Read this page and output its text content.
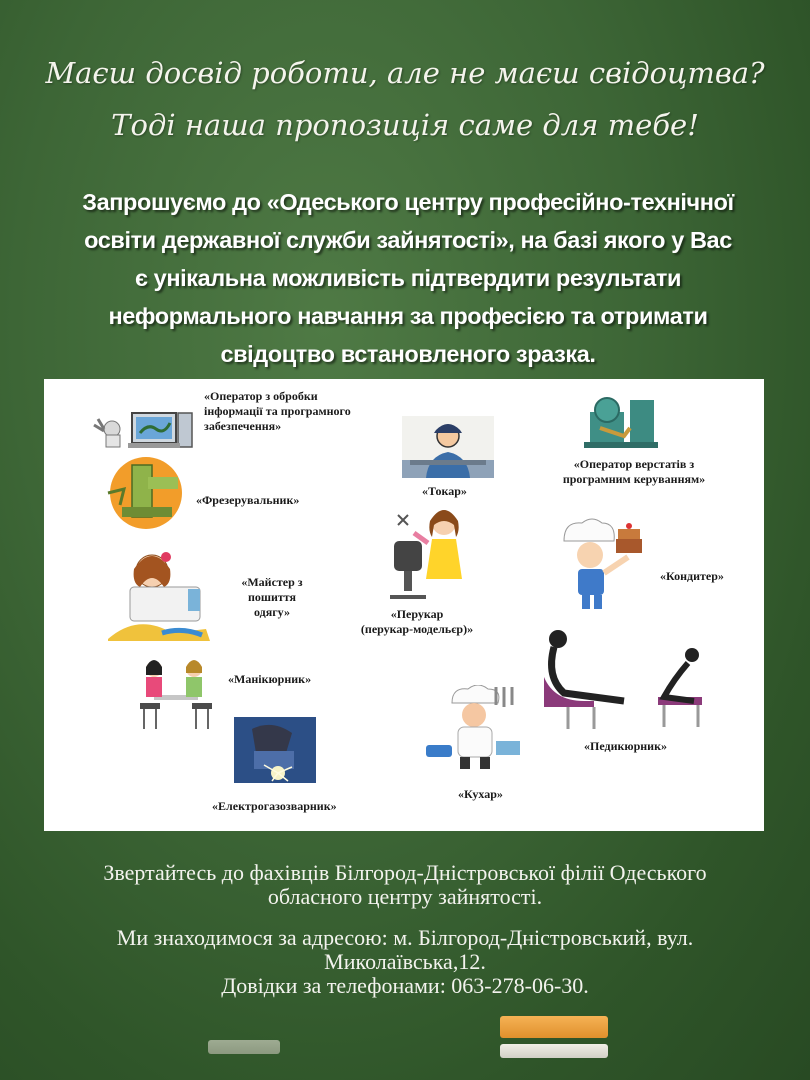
Маєш досвід роботи, але не маєш свідоцтва?
Тоді наша пропозиція саме для тебе!
Запрошуємо до «Одеського центру професійно-технічної
освіти державної служби зайнятості», на базі якого у Вас
є унікальна можливість підтвердити результати
неформального навчання за професією та отримати
свідоцтво встановленого зразка.
«Оператор з обробки
інформації та програмного
забезпечення»
«Токар»
«Оператор верстатів з
програмним керуванням»
«Фрезерувальник»
«Майстер з
пошиття
одягу»	«Перукар
(перукар-модельєр)»
«Кондитер»
«Манікюрник»
«Педикюрник»
«Кухар»
«Електрогазозварник»
Звертайтесь до фахівців Білгород-Дністровської філії Одеського
обласного центру зайнятості.
Ми знаходимося за адресою: м. Білгород-Дністровський, вул.
Миколаївська,12.
Довідки за телефонами: 063-278-06-30.
